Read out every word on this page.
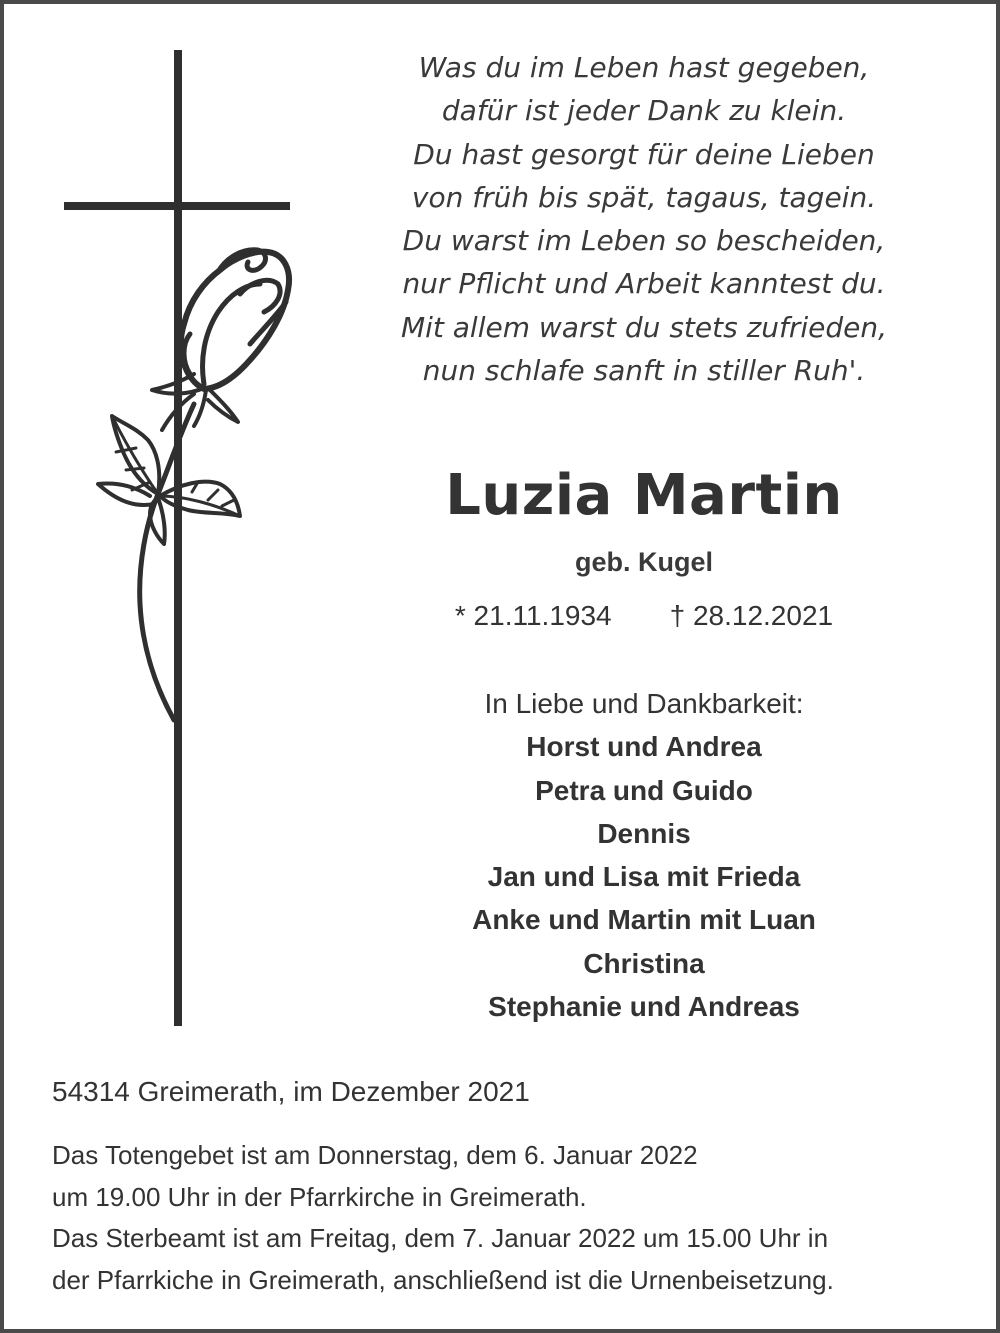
Was du im Leben hast gegeben,
dafür ist jeder Dank zu klein.
Du hast gesorgt für deine Lieben
von früh bis spät, tagaus, tagein.
Du warst im Leben so bescheiden,
nur Pflicht und Arbeit kanntest du.
Mit allem warst du stets zufrieden,
nun schlafe sanft in stiller Ruh'.
Luzia Martin
geb. Kugel
* 21.11.1934 † 28.12.2021
In Liebe und Dankbarkeit:
Horst und Andrea
Petra und Guido
Dennis
Jan und Lisa mit Frieda
Anke und Martin mit Luan
Christina
Stephanie und Andreas
54314 Greimerath, im Dezember 2021
Das Totengebet ist am Donnerstag, dem 6. Januar 2022
um 19.00 Uhr in der Pfarrkirche in Greimerath.
Das Sterbeamt ist am Freitag, dem 7. Januar 2022 um 15.00 Uhr in
der Pfarrkiche in Greimerath, anschließend ist die Urnenbeisetzung.
